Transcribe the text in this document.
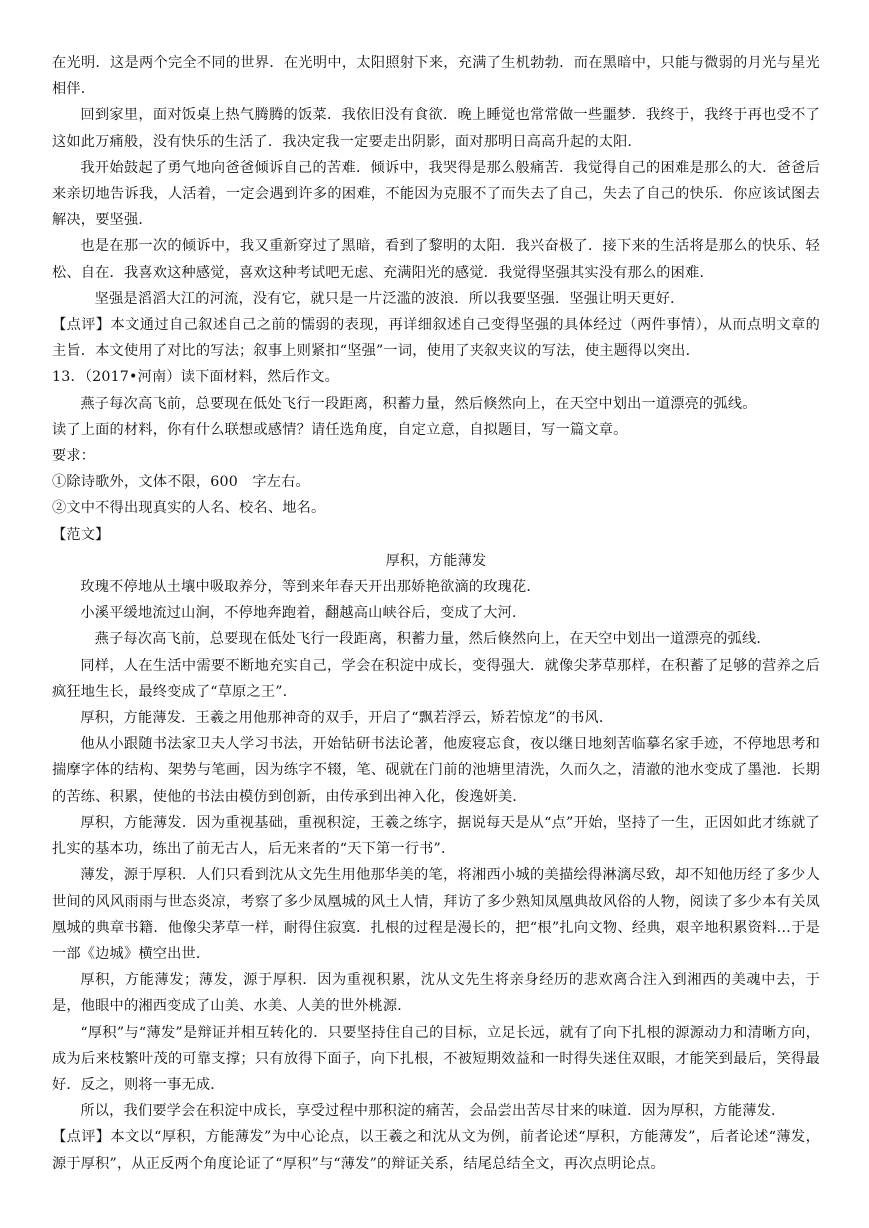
在光明．这是两个完全不同的世界．在光明中，太阳照射下来，充满了生机勃勃．而在黑暗中，只能与微弱的月光与星光相伴．

回到家里，面对饭桌上热气腾腾的饭菜．我依旧没有食欲．晚上睡觉也常常做一些噩梦．我终于，我终于再也受不了这如此万痛般，没有快乐的生活了．我决定我一定要走出阴影，面对那明日高高升起的太阳．

我开始鼓起了勇气地向爸爸倾诉自己的苦难．倾诉中，我哭得是那么般痛苦．我觉得自己的困难是那么的大．爸爸后来亲切地告诉我，人活着，一定会遇到许多的困难，不能因为克服不了而失去了自己，失去了自己的快乐．你应该试图去解决，要坚强．

也是在那一次的倾诉中，我又重新穿过了黑暗，看到了黎明的太阳．我兴奋极了．接下来的生活将是那么的快乐、轻松、自在．我喜欢这种感觉，喜欢这种考试吧无虑、充满阳光的感觉．我觉得坚强其实没有那么的困难．

坚强是滔滔大江的河流，没有它，就只是一片泛滥的波浪．所以我要坚强．坚强让明天更好．

【点评】本文通过自己叙述自己之前的懦弱的表现，再详细叙述自己变得坚强的具体经过（两件事情），从而点明文章的主旨．本文使用了对比的写法；叙事上则紧扣“坚强”一词，使用了夹叙夹议的写法，使主题得以突出．

13．（2017•河南）读下面材料，然后作文。

燕子每次高飞前，总要现在低处飞行一段距离，积蓄力量，然后倏然向上，在天空中划出一道漂亮的弧线。

读了上面的材料，你有什么联想或感情？请任选角度，自定立意，自拟题目，写一篇文章。

要求：

①除诗歌外，文体不限，600　字左右。

②文中不得出现真实的人名、校名、地名。

【范文】

厚积，方能薄发

玫瑰不停地从土壤中吸取养分，等到来年春天开出那娇艳欲滴的玫瑰花．

小溪平缓地流过山涧，不停地奔跑着，翻越高山峡谷后，变成了大河．

燕子每次高飞前，总要现在低处飞行一段距离，积蓄力量，然后倏然向上，在天空中划出一道漂亮的弧线．

同样，人在生活中需要不断地充实自己，学会在积淀中成长，变得强大．就像尖茅草那样，在积蓄了足够的营养之后疯狂地生长，最终变成了“草原之王”．

厚积，方能薄发．王羲之用他那神奇的双手，开启了“飘若浮云，矫若惊龙”的书风．

他从小跟随书法家卫夫人学习书法，开始钻研书法论著，他废寝忘食，夜以继日地刻苦临摹名家手迹，不停地思考和揣摩字体的结构、架势与笔画，因为练字不辍，笔、砚就在门前的池塘里清洗，久而久之，清澈的池水变成了墨池．长期的苦练、积累，使他的书法由模仿到创新，由传承到出神入化，俊逸妍美．

厚积，方能薄发．因为重视基础，重视积淀，王羲之练字，据说每天是从“点”开始，坚持了一生，正因如此才练就了扎实的基本功，练出了前无古人，后无来者的“天下第一行书”．

薄发，源于厚积．人们只看到沈从文先生用他那华美的笔，将湘西小城的美描绘得淋漓尽致，却不知他历经了多少人世间的风风雨雨与世态炎凉，考察了多少凤凰城的风土人情，拜访了多少熟知凤凰典故风俗的人物，阅读了多少本有关凤凰城的典章书籍．他像尖茅草一样，耐得住寂寞．扎根的过程是漫长的，把“根”扎向文物、经典，艰辛地积累资料…于是一部《边城》横空出世．

厚积，方能薄发；薄发，源于厚积．因为重视积累，沈从文先生将亲身经历的悲欢离合注入到湘西的美魂中去，于是，他眼中的湘西变成了山美、水美、人美的世外桃源．

“厚积”与“薄发”是辩证并相互转化的．只要坚持住自己的目标，立足长远，就有了向下扎根的源源动力和清晰方向，成为后来枝繁叶茂的可靠支撑；只有放得下面子，向下扎根，不被短期效益和一时得失迷住双眼，才能笑到最后，笑得最好．反之，则将一事无成．

所以，我们要学会在积淀中成长，享受过程中那积淀的痛苦，会品尝出苦尽甘来的味道．因为厚积，方能薄发．

【点评】本文以“厚积，方能薄发”为中心论点，以王羲之和沈从文为例，前者论述“厚积，方能薄发”，后者论述“薄发，源于厚积”，从正反两个角度论证了“厚积”与“薄发”的辩证关系，结尾总结全文，再次点明论点。
